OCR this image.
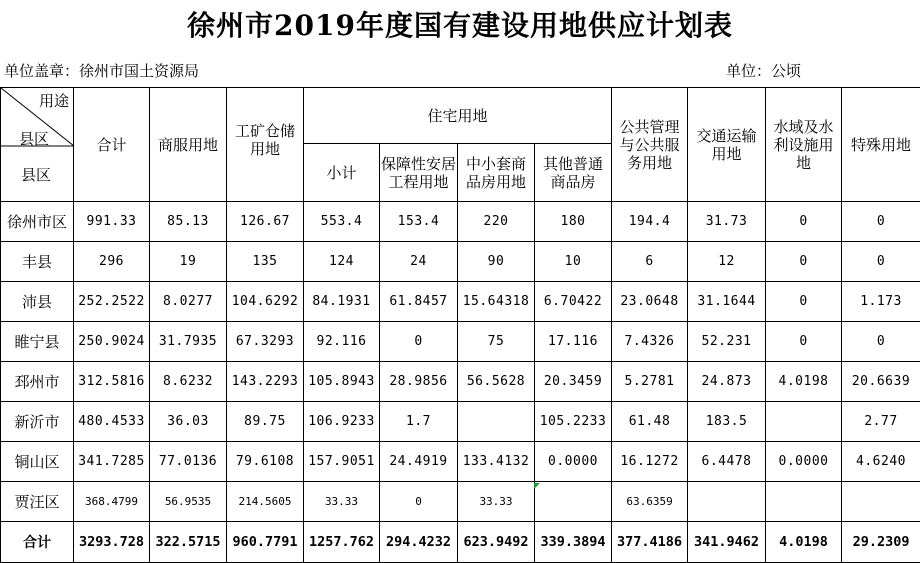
徐州市2019年度国有建设用地供应计划表
单位盖章：徐州市国土资源局	单位：公顷
用途
县区
县区	合计	商服用地	工矿仓储用地	住宅用地				公共管理与公共服务用地	交通运输用地	水域及水利设施用地	特殊用地
				小计	保障性安居工程用地	中小套商品房用地	其他普通商品房				
徐州市区	991.33	85.13	126.67	553.4	153.4	220	180	194.4	31.73	0	0
丰县	296	19	135	124	24	90	10	6	12	0	0
沛县	252.2522	8.0277	104.6292	84.1931	61.8457	15.64318	6.70422	23.0648	31.1644	0	1.173
睢宁县	250.9024	31.7935	67.3293	92.116	0	75	17.116	7.4326	52.231	0	0
邳州市	312.5816	8.6232	143.2293	105.8943	28.9856	56.5628	20.3459	5.2781	24.873	4.0198	20.6639
新沂市	480.4533	36.03	89.75	106.9233	1.7		105.2233	61.48	183.5		2.77
铜山区	341.7285	77.0136	79.6108	157.9051	24.4919	133.4132	0.0000	16.1272	6.4478	0.0000	4.6240
贾汪区	368.4799	56.9535	214.5605	33.33	0	33.33		63.6359			
合计	3293.728	322.5715	960.7791	1257.762	294.4232	623.9492	339.3894	377.4186	341.9462	4.0198	29.2309
